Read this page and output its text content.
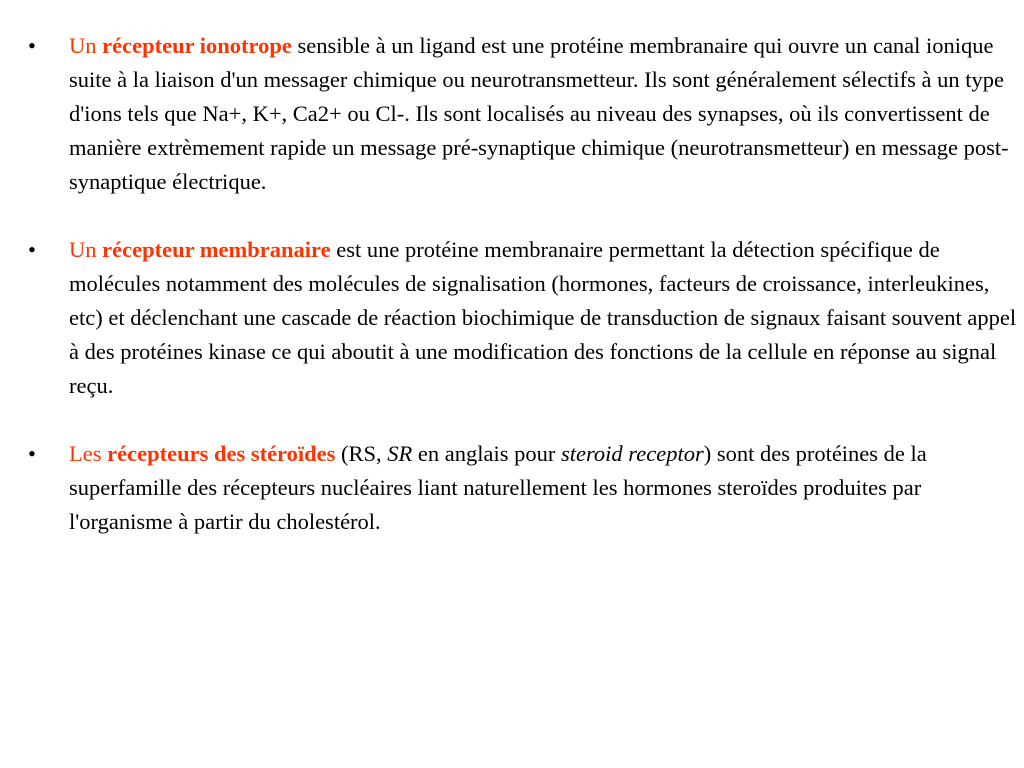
•	Un récepteur ionotrope sensible à un ligand est une protéine membranaire qui ouvre un canal ionique suite à la liaison d'un messager chimique ou neurotransmetteur. Ils sont généralement sélectifs à un type d'ions tels que Na+, K+, Ca2+ ou Cl-. Ils sont localisés au niveau des synapses, où ils convertissent de manière extrèmement rapide un message pré-synaptique chimique (neurotransmetteur) en message post-synaptique électrique.
•	Un récepteur membranaire est une protéine membranaire permettant la détection spécifique de molécules notamment des molécules de signalisation (hormones, facteurs de croissance, interleukines, etc) et déclenchant une cascade de réaction biochimique de transduction de signaux faisant souvent appel à des protéines kinase ce qui aboutit à une modification des fonctions de la cellule en réponse au signal reçu.
•	Les récepteurs des stéroïdes (RS, SR en anglais pour steroid receptor) sont des protéines de la superfamille des récepteurs nucléaires liant naturellement les hormones steroïdes produites par l'organisme à partir du cholestérol.
